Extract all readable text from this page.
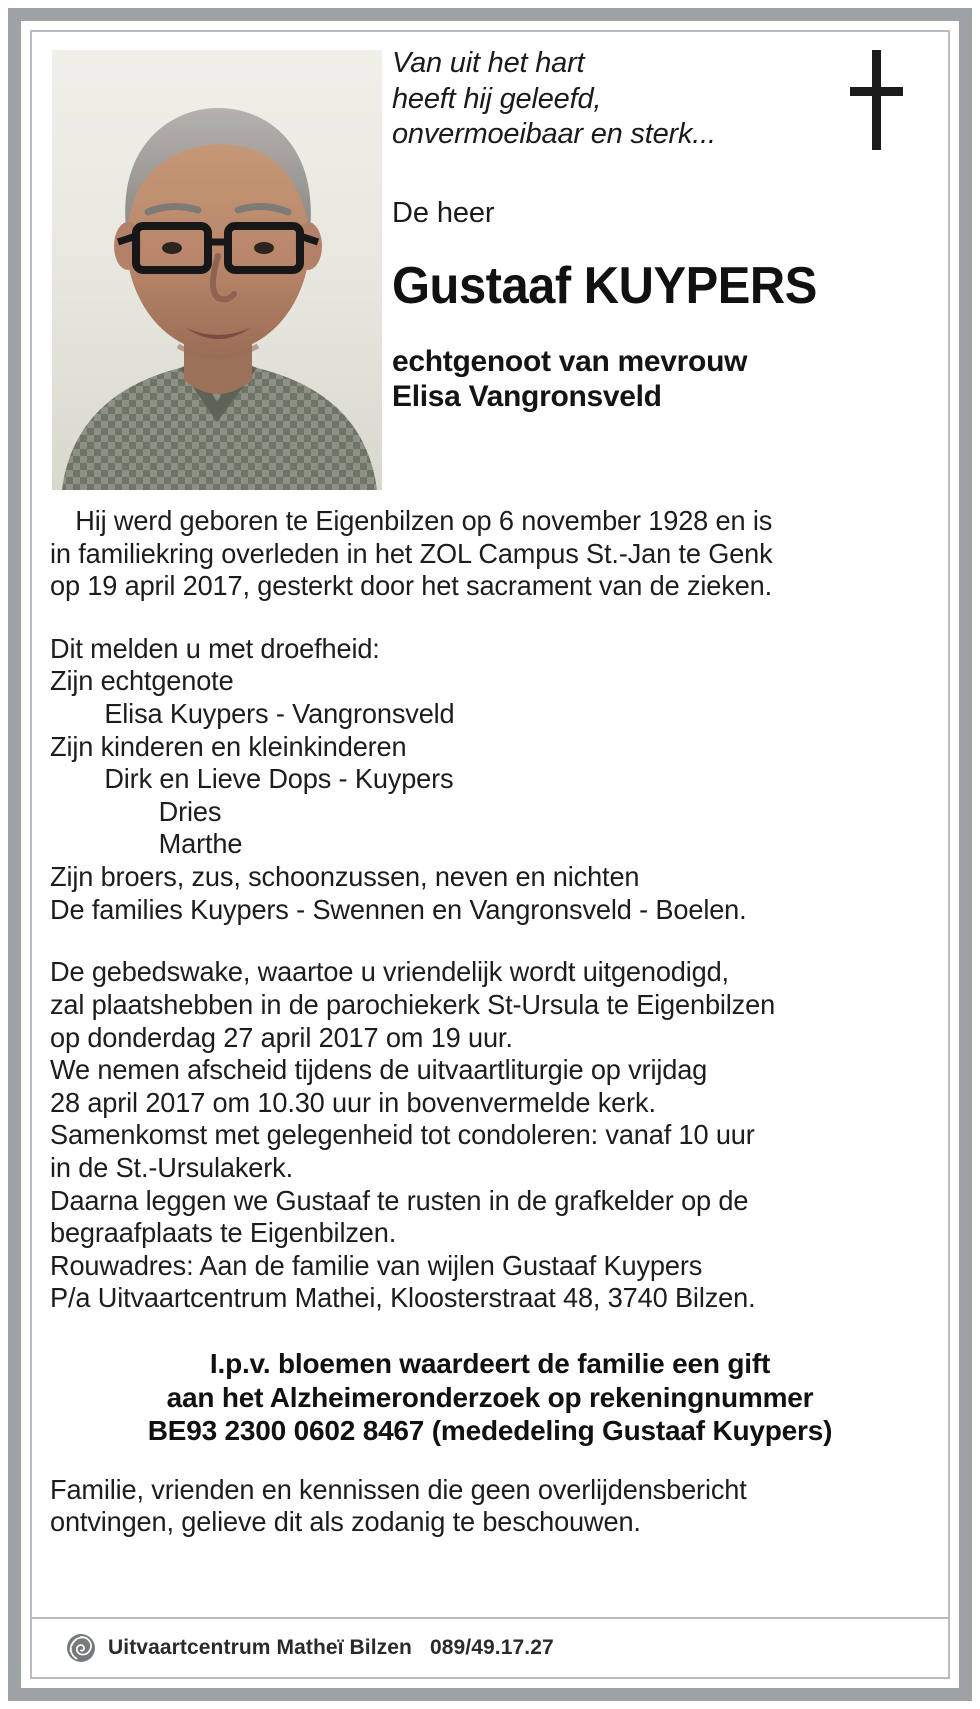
Van uit het hart
heeft hij geleefd,
onvermoeibaar en sterk...
De heer
Gustaaf KUYPERS
echtgenoot van mevrouw
Elisa Vangronsveld
Hij werd geboren te Eigenbilzen op 6 november 1928 en is
in familiekring overleden in het ZOL Campus St.-Jan te Genk
op 19 april 2017, gesterkt door het sacrament van de zieken.
Dit melden u met droefheid:
Zijn echtgenote
Elisa Kuypers - Vangronsveld
Zijn kinderen en kleinkinderen
Dirk en Lieve Dops - Kuypers
Dries
Marthe
Zijn broers, zus, schoonzussen, neven en nichten
De families Kuypers - Swennen en Vangronsveld - Boelen.
De gebedswake, waartoe u vriendelijk wordt uitgenodigd,
zal plaatshebben in de parochiekerk St-Ursula te Eigenbilzen
op donderdag 27 april 2017 om 19 uur.
We nemen afscheid tijdens de uitvaartliturgie op vrijdag
28 april 2017 om 10.30 uur in bovenvermelde kerk.
Samenkomst met gelegenheid tot condoleren: vanaf 10 uur
in de St.-Ursulakerk.
Daarna leggen we Gustaaf te rusten in de grafkelder op de
begraafplaats te Eigenbilzen.
Rouwadres: Aan de familie van wijlen Gustaaf Kuypers
P/a Uitvaartcentrum Mathei, Kloosterstraat 48, 3740 Bilzen.
I.p.v. bloemen waardeert de familie een gift
aan het Alzheimeronderzoek op rekeningnummer
BE93 2300 0602 8467 (mededeling Gustaaf Kuypers)
Familie, vrienden en kennissen die geen overlijdensbericht
ontvingen, gelieve dit als zodanig te beschouwen.
Uitvaartcentrum Matheï Bilzen 089/49.17.27
